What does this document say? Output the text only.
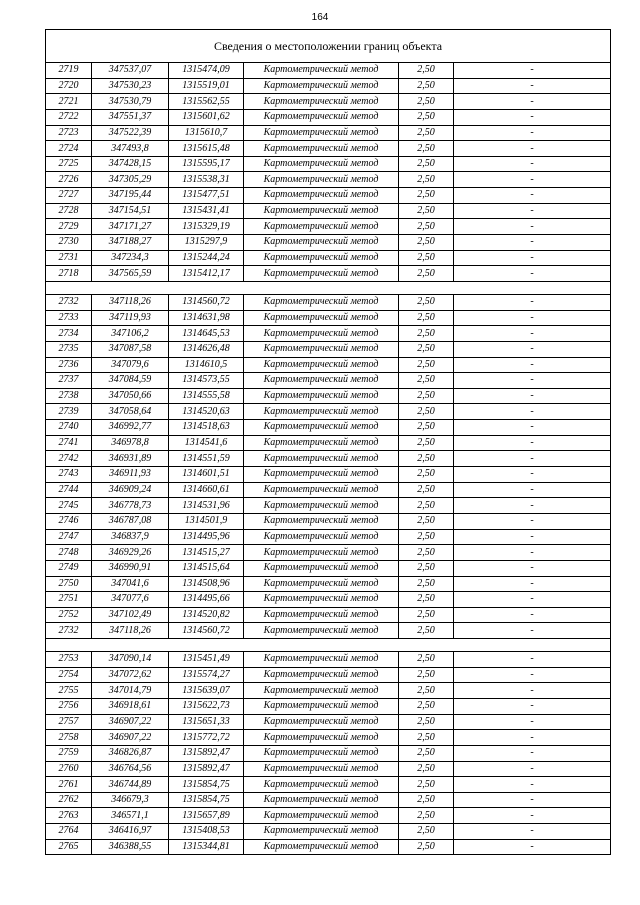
164
Сведения о местоположении границ объекта					
2719	347537,07	1315474,09	Картометрический метод	2,50	-
2720	347530,23	1315519,01	Картометрический метод	2,50	-
2721	347530,79	1315562,55	Картометрический метод	2,50	-
2722	347551,37	1315601,62	Картометрический метод	2,50	-
2723	347522,39	1315610,7	Картометрический метод	2,50	-
2724	347493,8	1315615,48	Картометрический метод	2,50	-
2725	347428,15	1315595,17	Картометрический метод	2,50	-
2726	347305,29	1315538,31	Картометрический метод	2,50	-
2727	347195,44	1315477,51	Картометрический метод	2,50	-
2728	347154,51	1315431,41	Картометрический метод	2,50	-
2729	347171,27	1315329,19	Картометрический метод	2,50	-
2730	347188,27	1315297,9	Картометрический метод	2,50	-
2731	347234,3	1315244,24	Картометрический метод	2,50	-
2718	347565,59	1315412,17	Картометрический метод	2,50	-

2732	347118,26	1314560,72	Картометрический метод	2,50	-
2733	347119,93	1314631,98	Картометрический метод	2,50	-
2734	347106,2	1314645,53	Картометрический метод	2,50	-
2735	347087,58	1314626,48	Картометрический метод	2,50	-
2736	347079,6	1314610,5	Картометрический метод	2,50	-
2737	347084,59	1314573,55	Картометрический метод	2,50	-
2738	347050,66	1314555,58	Картометрический метод	2,50	-
2739	347058,64	1314520,63	Картометрический метод	2,50	-
2740	346992,77	1314518,63	Картометрический метод	2,50	-
2741	346978,8	1314541,6	Картометрический метод	2,50	-
2742	346931,89	1314551,59	Картометрический метод	2,50	-
2743	346911,93	1314601,51	Картометрический метод	2,50	-
2744	346909,24	1314660,61	Картометрический метод	2,50	-
2745	346778,73	1314531,96	Картометрический метод	2,50	-
2746	346787,08	1314501,9	Картометрический метод	2,50	-
2747	346837,9	1314495,96	Картометрический метод	2,50	-
2748	346929,26	1314515,27	Картометрический метод	2,50	-
2749	346990,91	1314515,64	Картометрический метод	2,50	-
2750	347041,6	1314508,96	Картометрический метод	2,50	-
2751	347077,6	1314495,66	Картометрический метод	2,50	-
2752	347102,49	1314520,82	Картометрический метод	2,50	-
2732	347118,26	1314560,72	Картометрический метод	2,50	-

2753	347090,14	1315451,49	Картометрический метод	2,50	-
2754	347072,62	1315574,27	Картометрический метод	2,50	-
2755	347014,79	1315639,07	Картометрический метод	2,50	-
2756	346918,61	1315622,73	Картометрический метод	2,50	-
2757	346907,22	1315651,33	Картометрический метод	2,50	-
2758	346907,22	1315772,72	Картометрический метод	2,50	-
2759	346826,87	1315892,47	Картометрический метод	2,50	-
2760	346764,56	1315892,47	Картометрический метод	2,50	-
2761	346744,89	1315854,75	Картометрический метод	2,50	-
2762	346679,3	1315854,75	Картометрический метод	2,50	-
2763	346571,1	1315657,89	Картометрический метод	2,50	-
2764	346416,97	1315408,53	Картометрический метод	2,50	-
2765	346388,55	1315344,81	Картометрический метод	2,50	-
